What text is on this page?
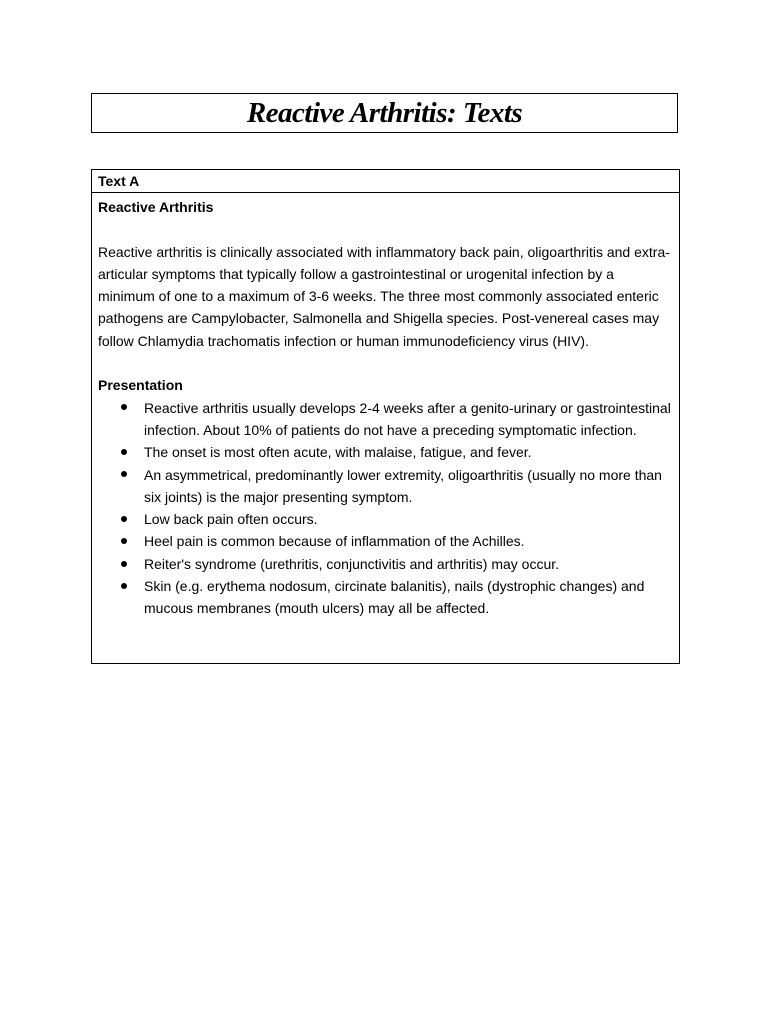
Reactive Arthritis: Texts
Text A
Reactive Arthritis

Reactive arthritis is clinically associated with inflammatory back pain, oligoarthritis and extra-articular symptoms that typically follow a gastrointestinal or urogenital infection by a minimum of one to a maximum of 3-6 weeks. The three most commonly associated enteric pathogens are Campylobacter, Salmonella and Shigella species. Post-venereal cases may follow Chlamydia trachomatis infection or human immunodeficiency virus (HIV).

Presentation
Reactive arthritis usually develops 2-4 weeks after a genito-urinary or gastrointestinal infection. About 10% of patients do not have a preceding symptomatic infection.
The onset is most often acute, with malaise, fatigue, and fever.
An asymmetrical, predominantly lower extremity, oligoarthritis (usually no more than six joints) is the major presenting symptom.
Low back pain often occurs.
Heel pain is common because of inflammation of the Achilles.
Reiter's syndrome (urethritis, conjunctivitis and arthritis) may occur.
Skin (e.g. erythema nodosum, circinate balanitis), nails (dystrophic changes) and mucous membranes (mouth ulcers) may all be affected.
